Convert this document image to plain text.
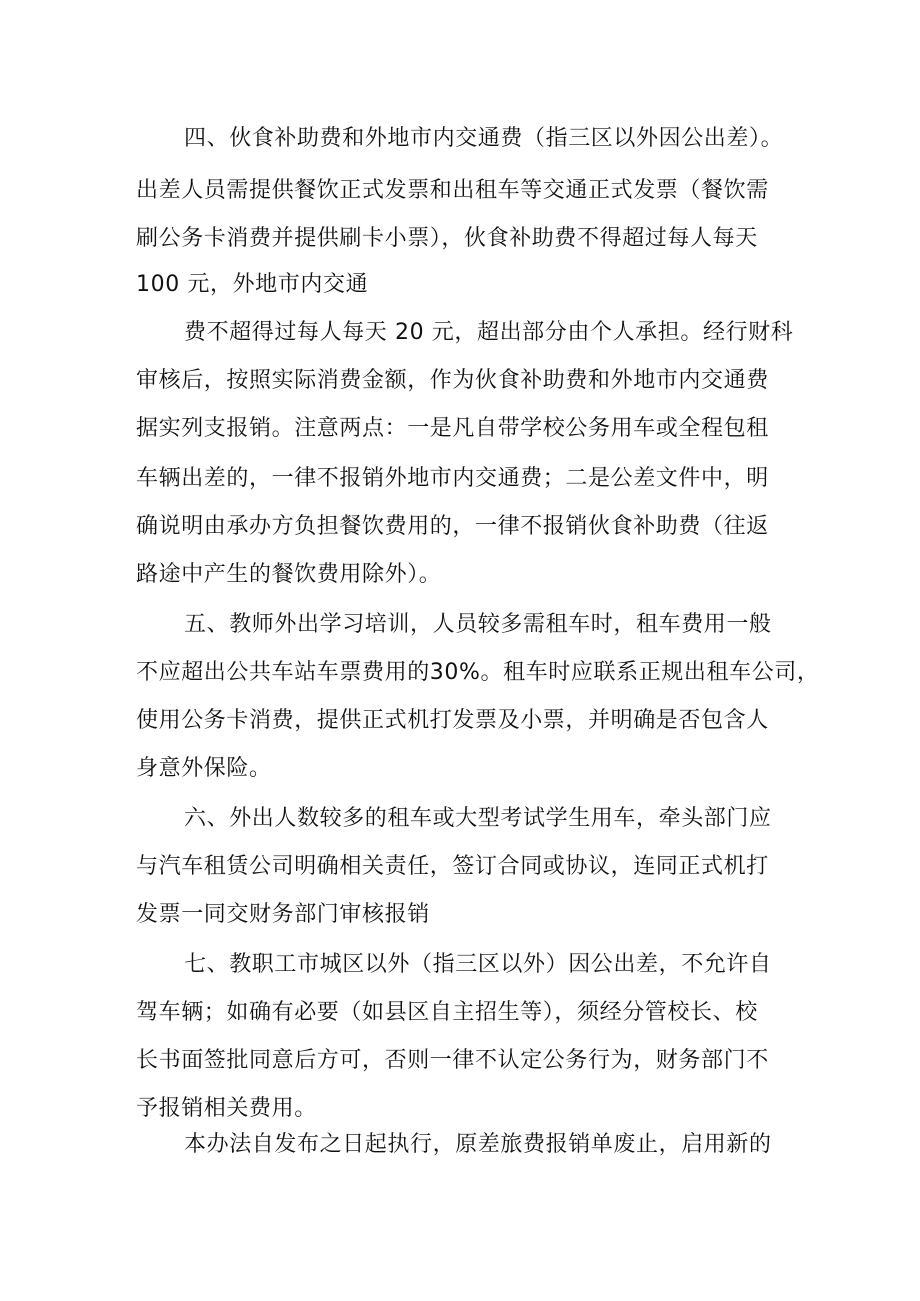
四、伙食补助费和外地市内交通费（指三区以外因公出差）。
出差人员需提供餐饮正式发票和出租车等交通正式发票（餐饮需
刷公务卡消费并提供刷卡小票），伙食补助费不得超过每人每天
100 元，外地市内交通
费不超得过每人每天 20 元，超出部分由个人承担。经行财科
审核后，按照实际消费金额，作为伙食补助费和外地市内交通费
据实列支报销。注意两点：一是凡自带学校公务用车或全程包租
车辆出差的，一律不报销外地市内交通费；二是公差文件中，明
确说明由承办方负担餐饮费用的，一律不报销伙食补助费（往返
路途中产生的餐饮费用除外）。
五、教师外出学习培训，人员较多需租车时，租车费用一般
不应超出公共车站车票费用的30%。租车时应联系正规出租车公司，
使用公务卡消费，提供正式机打发票及小票，并明确是否包含人
身意外保险。
六、外出人数较多的租车或大型考试学生用车，牵头部门应
与汽车租赁公司明确相关责任，签订合同或协议，连同正式机打
发票一同交财务部门审核报销
七、教职工市城区以外（指三区以外）因公出差，不允许自
驾车辆；如确有必要（如县区自主招生等），须经分管校长、校
长书面签批同意后方可，否则一律不认定公务行为，财务部门不
予报销相关费用。
本办法自发布之日起执行，原差旅费报销单废止，启用新的
